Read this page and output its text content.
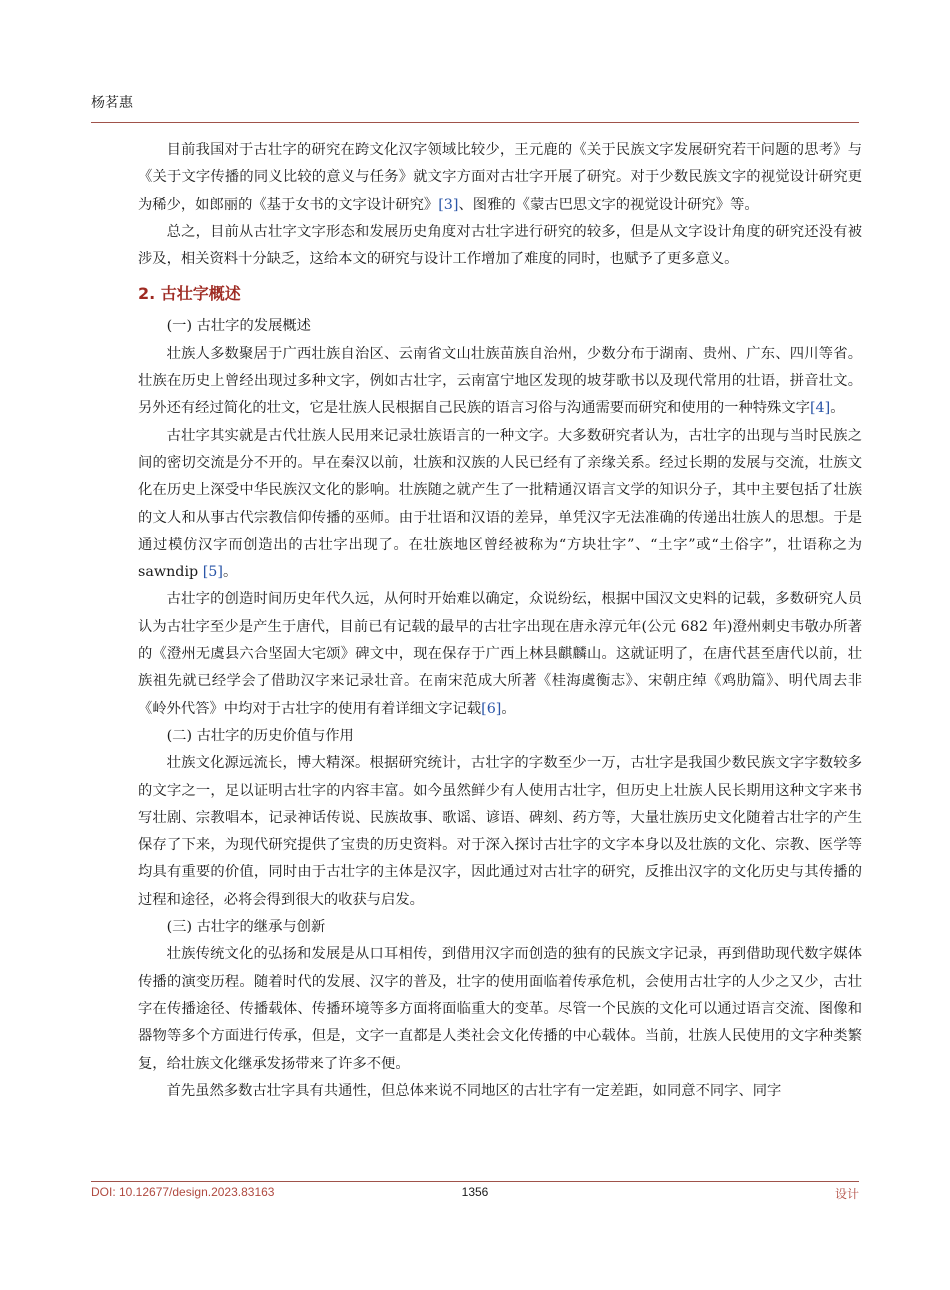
杨茗惠

目前我国对于古壮字的研究在跨文化汉字领域比较少，王元鹿的《关于民族文字发展研究若干问题的思考》与《关于文字传播的同义比较的意义与任务》就文字方面对古壮字开展了研究。对于少数民族文字的视觉设计研究更为稀少，如郎丽的《基于女书的文字设计研究》[3]、图雅的《蒙古巴思文字的视觉设计研究》等。

总之，目前从古壮字文字形态和发展历史角度对古壮字进行研究的较多，但是从文字设计角度的研究还没有被涉及，相关资料十分缺乏，这给本文的研究与设计工作增加了难度的同时，也赋予了更多意义。

2. 古壮字概述

(一) 古壮字的发展概述

壮族人多数聚居于广西壮族自治区、云南省文山壮族苗族自治州，少数分布于湖南、贵州、广东、四川等省。壮族在历史上曾经出现过多种文字，例如古壮字，云南富宁地区发现的坡芽歌书以及现代常用的壮语，拼音壮文。另外还有经过简化的壮文，它是壮族人民根据自己民族的语言习俗与沟通需要而研究和使用的一种特殊文字[4]。

古壮字其实就是古代壮族人民用来记录壮族语言的一种文字。大多数研究者认为，古壮字的出现与当时民族之间的密切交流是分不开的。早在秦汉以前，壮族和汉族的人民已经有了亲缘关系。经过长期的发展与交流，壮族文化在历史上深受中华民族汉文化的影响。壮族随之就产生了一批精通汉语言文学的知识分子，其中主要包括了壮族的文人和从事古代宗教信仰传播的巫师。由于壮语和汉语的差异，单凭汉字无法准确的传递出壮族人的思想。于是通过模仿汉字而创造出的古壮字出现了。在壮族地区曾经被称为“方块壮字”、“土字”或“土俗字”，壮语称之为 sawndip [5]。

古壮字的创造时间历史年代久远，从何时开始难以确定，众说纷纭，根据中国汉文史料的记载，多数研究人员认为古壮字至少是产生于唐代，目前已有记载的最早的古壮字出现在唐永淳元年(公元 682 年)澄州刺史韦敬办所著的《澄州无虞县六合坚固大宅颂》碑文中，现在保存于广西上林县麒麟山。这就证明了，在唐代甚至唐代以前，壮族祖先就已经学会了借助汉字来记录壮音。在南宋范成大所著《桂海虞衡志》、宋朝庄绰《鸡肋篇》、明代周去非《岭外代答》中均对于古壮字的使用有着详细文字记载[6]。

(二) 古壮字的历史价值与作用

壮族文化源远流长，博大精深。根据研究统计，古壮字的字数至少一万，古壮字是我国少数民族文字字数较多的文字之一，足以证明古壮字的内容丰富。如今虽然鲜少有人使用古壮字，但历史上壮族人民长期用这种文字来书写壮剧、宗教唱本，记录神话传说、民族故事、歌谣、谚语、碑刻、药方等，大量壮族历史文化随着古壮字的产生保存了下来，为现代研究提供了宝贵的历史资料。对于深入探讨古壮字的文字本身以及壮族的文化、宗教、医学等均具有重要的价值，同时由于古壮字的主体是汉字，因此通过对古壮字的研究，反推出汉字的文化历史与其传播的过程和途径，必将会得到很大的收获与启发。

(三) 古壮字的继承与创新

壮族传统文化的弘扬和发展是从口耳相传，到借用汉字而创造的独有的民族文字记录，再到借助现代数字媒体传播的演变历程。随着时代的发展、汉字的普及，壮字的使用面临着传承危机，会使用古壮字的人少之又少，古壮字在传播途径、传播载体、传播环境等多方面将面临重大的变革。尽管一个民族的文化可以通过语言交流、图像和器物等多个方面进行传承，但是，文字一直都是人类社会文化传播的中心载体。当前，壮族人民使用的文字种类繁复，给壮族文化继承发扬带来了许多不便。

首先虽然多数古壮字具有共通性，但总体来说不同地区的古壮字有一定差距，如同意不同字、同字

DOI: 10.12677/design.2023.83163	1356	设计
